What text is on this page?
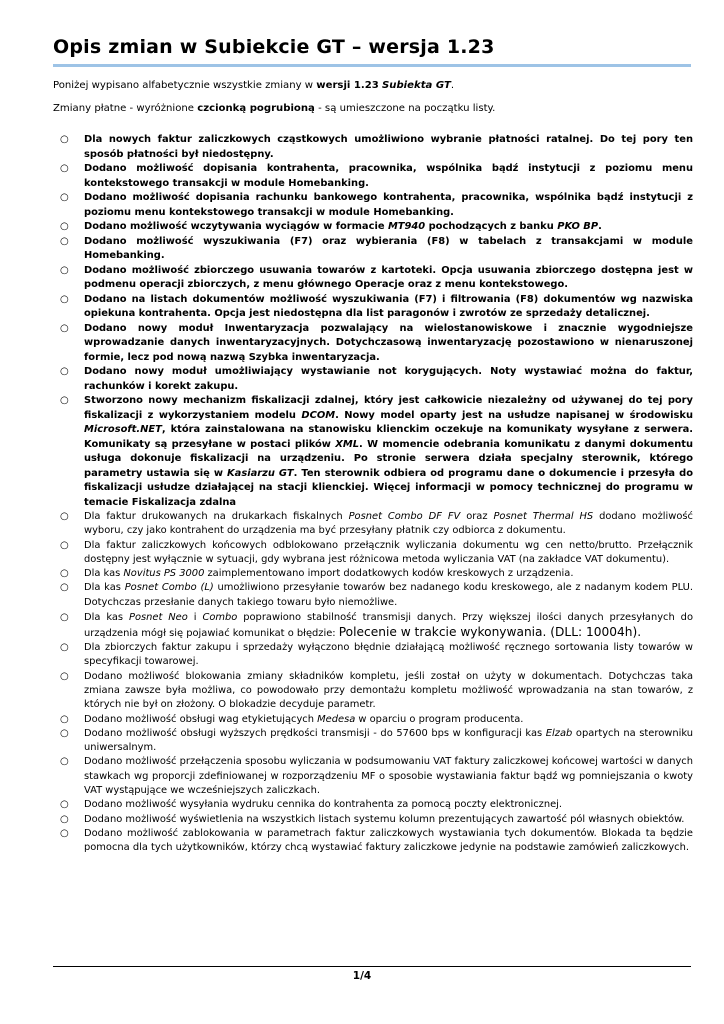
Opis zmian w Subiekcie GT – wersja 1.23

Poniżej wypisano alfabetycznie wszystkie zmiany w wersji 1.23 Subiekta GT.

Zmiany płatne - wyróżnione czcionką pogrubioną - są umieszczone na początku listy.

○ Dla nowych faktur zaliczkowych cząstkowych umożliwiono wybranie płatności ratalnej. Do tej pory ten sposób płatności był niedostępny.
○ Dodano możliwość dopisania kontrahenta, pracownika, wspólnika bądź instytucji z poziomu menu kontekstowego transakcji w module Homebanking.
○ Dodano możliwość dopisania rachunku bankowego kontrahenta, pracownika, wspólnika bądź instytucji z poziomu menu kontekstowego transakcji w module Homebanking.
○ Dodano możliwość wczytywania wyciągów w formacie MT940 pochodzących z banku PKO BP.
○ Dodano możliwość wyszukiwania (F7) oraz wybierania (F8) w tabelach z transakcjami w module Homebanking.
○ Dodano możliwość zbiorczego usuwania towarów z kartoteki. Opcja usuwania zbiorczego dostępna jest w podmenu operacji zbiorczych, z menu głównego Operacje oraz z menu kontekstowego.
○ Dodano na listach dokumentów możliwość wyszukiwania (F7) i filtrowania (F8) dokumentów wg nazwiska opiekuna kontrahenta. Opcja jest niedostępna dla list paragonów i zwrotów ze sprzedaży detalicznej.
○ Dodano nowy moduł Inwentaryzacja pozwalający na wielostanowiskowe i znacznie wygodniejsze wprowadzanie danych inwentaryzacyjnych. Dotychczasową inwentaryzację pozostawiono w nienaruszonej formie, lecz pod nową nazwą Szybka inwentaryzacja.
○ Dodano nowy moduł umożliwiający wystawianie not korygujących. Noty wystawiać można do faktur, rachunków i korekt zakupu.
○ Stworzono nowy mechanizm fiskalizacji zdalnej, który jest całkowicie niezależny od używanej do tej pory fiskalizacji z wykorzystaniem modelu DCOM. Nowy model oparty jest na usłudze napisanej w środowisku Microsoft.NET, która zainstalowana na stanowisku klienckim oczekuje na komunikaty wysyłane z serwera. Komunikaty są przesyłane w postaci plików XML. W momencie odebrania komunikatu z danymi dokumentu usługa dokonuje fiskalizacji na urządzeniu. Po stronie serwera działa specjalny sterownik, którego parametry ustawia się w Kasiarzu GT. Ten sterownik odbiera od programu dane o dokumencie i przesyła do fiskalizacji usłudze działającej na stacji klienckiej. Więcej informacji w pomocy technicznej do programu w temacie Fiskalizacja zdalna
○ Dla faktur drukowanych na drukarkach fiskalnych Posnet Combo DF FV oraz Posnet Thermal HS dodano możliwość wyboru, czy jako kontrahent do urządzenia ma być przesyłany płatnik czy odbiorca z dokumentu.
○ Dla faktur zaliczkowych końcowych odblokowano przełącznik wyliczania dokumentu wg cen netto/brutto. Przełącznik dostępny jest wyłącznie w sytuacji, gdy wybrana jest różnicowa metoda wyliczania VAT (na zakładce VAT dokumentu).
○ Dla kas Novitus PS 3000 zaimplementowano import dodatkowych kodów kreskowych z urządzenia.
○ Dla kas Posnet Combo (L) umożliwiono przesyłanie towarów bez nadanego kodu kreskowego, ale z nadanym kodem PLU. Dotychczas przesłanie danych takiego towaru było niemożliwe.
○ Dla kas Posnet Neo i Combo poprawiono stabilność transmisji danych. Przy większej ilości danych przesyłanych do urządzenia mógł się pojawiać komunikat o błędzie: Polecenie w trakcie wykonywania. (DLL: 10004h).
○ Dla zbiorczych faktur zakupu i sprzedaży wyłączono błędnie działającą możliwość ręcznego sortowania listy towarów w specyfikacji towarowej.
○ Dodano możliwość blokowania zmiany składników kompletu, jeśli został on użyty w dokumentach. Dotychczas taka zmiana zawsze była możliwa, co powodowało przy demontażu kompletu możliwość wprowadzania na stan towarów, z których nie był on złożony. O blokadzie decyduje parametr.
○ Dodano możliwość obsługi wag etykietujących Medesa w oparciu o program producenta.
○ Dodano możliwość obsługi wyższych prędkości transmisji - do 57600 bps w konfiguracji kas Elzab opartych na sterowniku uniwersalnym.
○ Dodano możliwość przełączenia sposobu wyliczania w podsumowaniu VAT faktury zaliczkowej końcowej wartości w danych stawkach wg proporcji zdefiniowanej w rozporządzeniu MF o sposobie wystawiania faktur bądź wg pomniejszania o kwoty VAT wystąpujące we wcześniejszych zaliczkach.
○ Dodano możliwość wysyłania wydruku cennika do kontrahenta za pomocą poczty elektronicznej.
○ Dodano możliwość wyświetlenia na wszystkich listach systemu kolumn prezentujących zawartość pól własnych obiektów.
○ Dodano możliwość zablokowania w parametrach faktur zaliczkowych wystawiania tych dokumentów. Blokada ta będzie pomocna dla tych użytkowników, którzy chcą wystawiać faktury zaliczkowe jedynie na podstawie zamówień zaliczkowych.
1/4
